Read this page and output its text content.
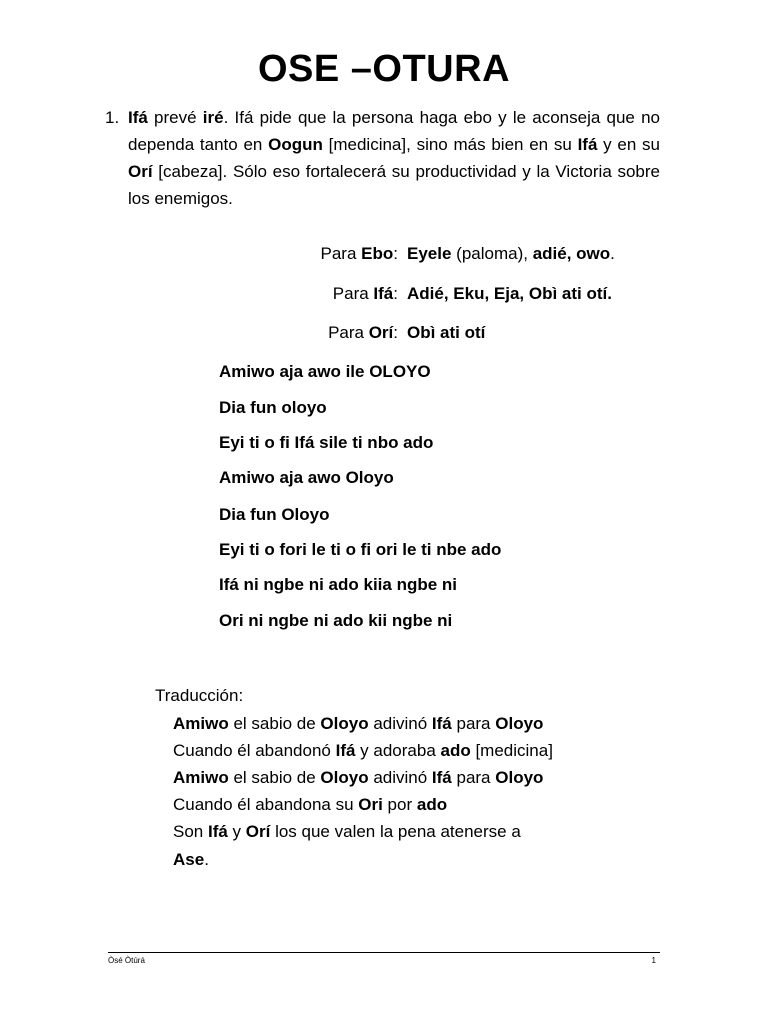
OSE –OTURA
1. Ifá prevé iré. Ifá pide que la persona haga ebo y le aconseja que no dependa tanto en Oogun [medicina], sino más bien en su Ifá y en su Orí [cabeza]. Sólo eso fortalecerá su productividad y la Victoria sobre los enemigos.
Para Ebo: Eyele (paloma), adié, owo.
Para Ifá: Adié, Eku, Eja, Obì ati otí.
Para Orí: Obì ati otí
Amiwo aja awo ile OLOYO
Dia fun oloyo
Eyi ti o fi Ifá sile ti nbo ado
Amiwo aja awo Oloyo
Dia fun Oloyo
Eyi ti o fori le ti o fi ori le ti nbe ado
Ifá ni ngbe ni ado kiia ngbe ni
Ori ni ngbe ni ado kii ngbe ni
Traducción:
Amiwo el sabio de Oloyo adivinó Ifá para Oloyo
Cuando él abandonó Ifá y adoraba ado [medicina]
Amiwo el sabio de Oloyo adivinó Ifá para Oloyo
Cuando él abandona su Ori por ado
Son Ifá y Orí los que valen la pena atenerse a
Ase.
Òsé Òtúrá	1
